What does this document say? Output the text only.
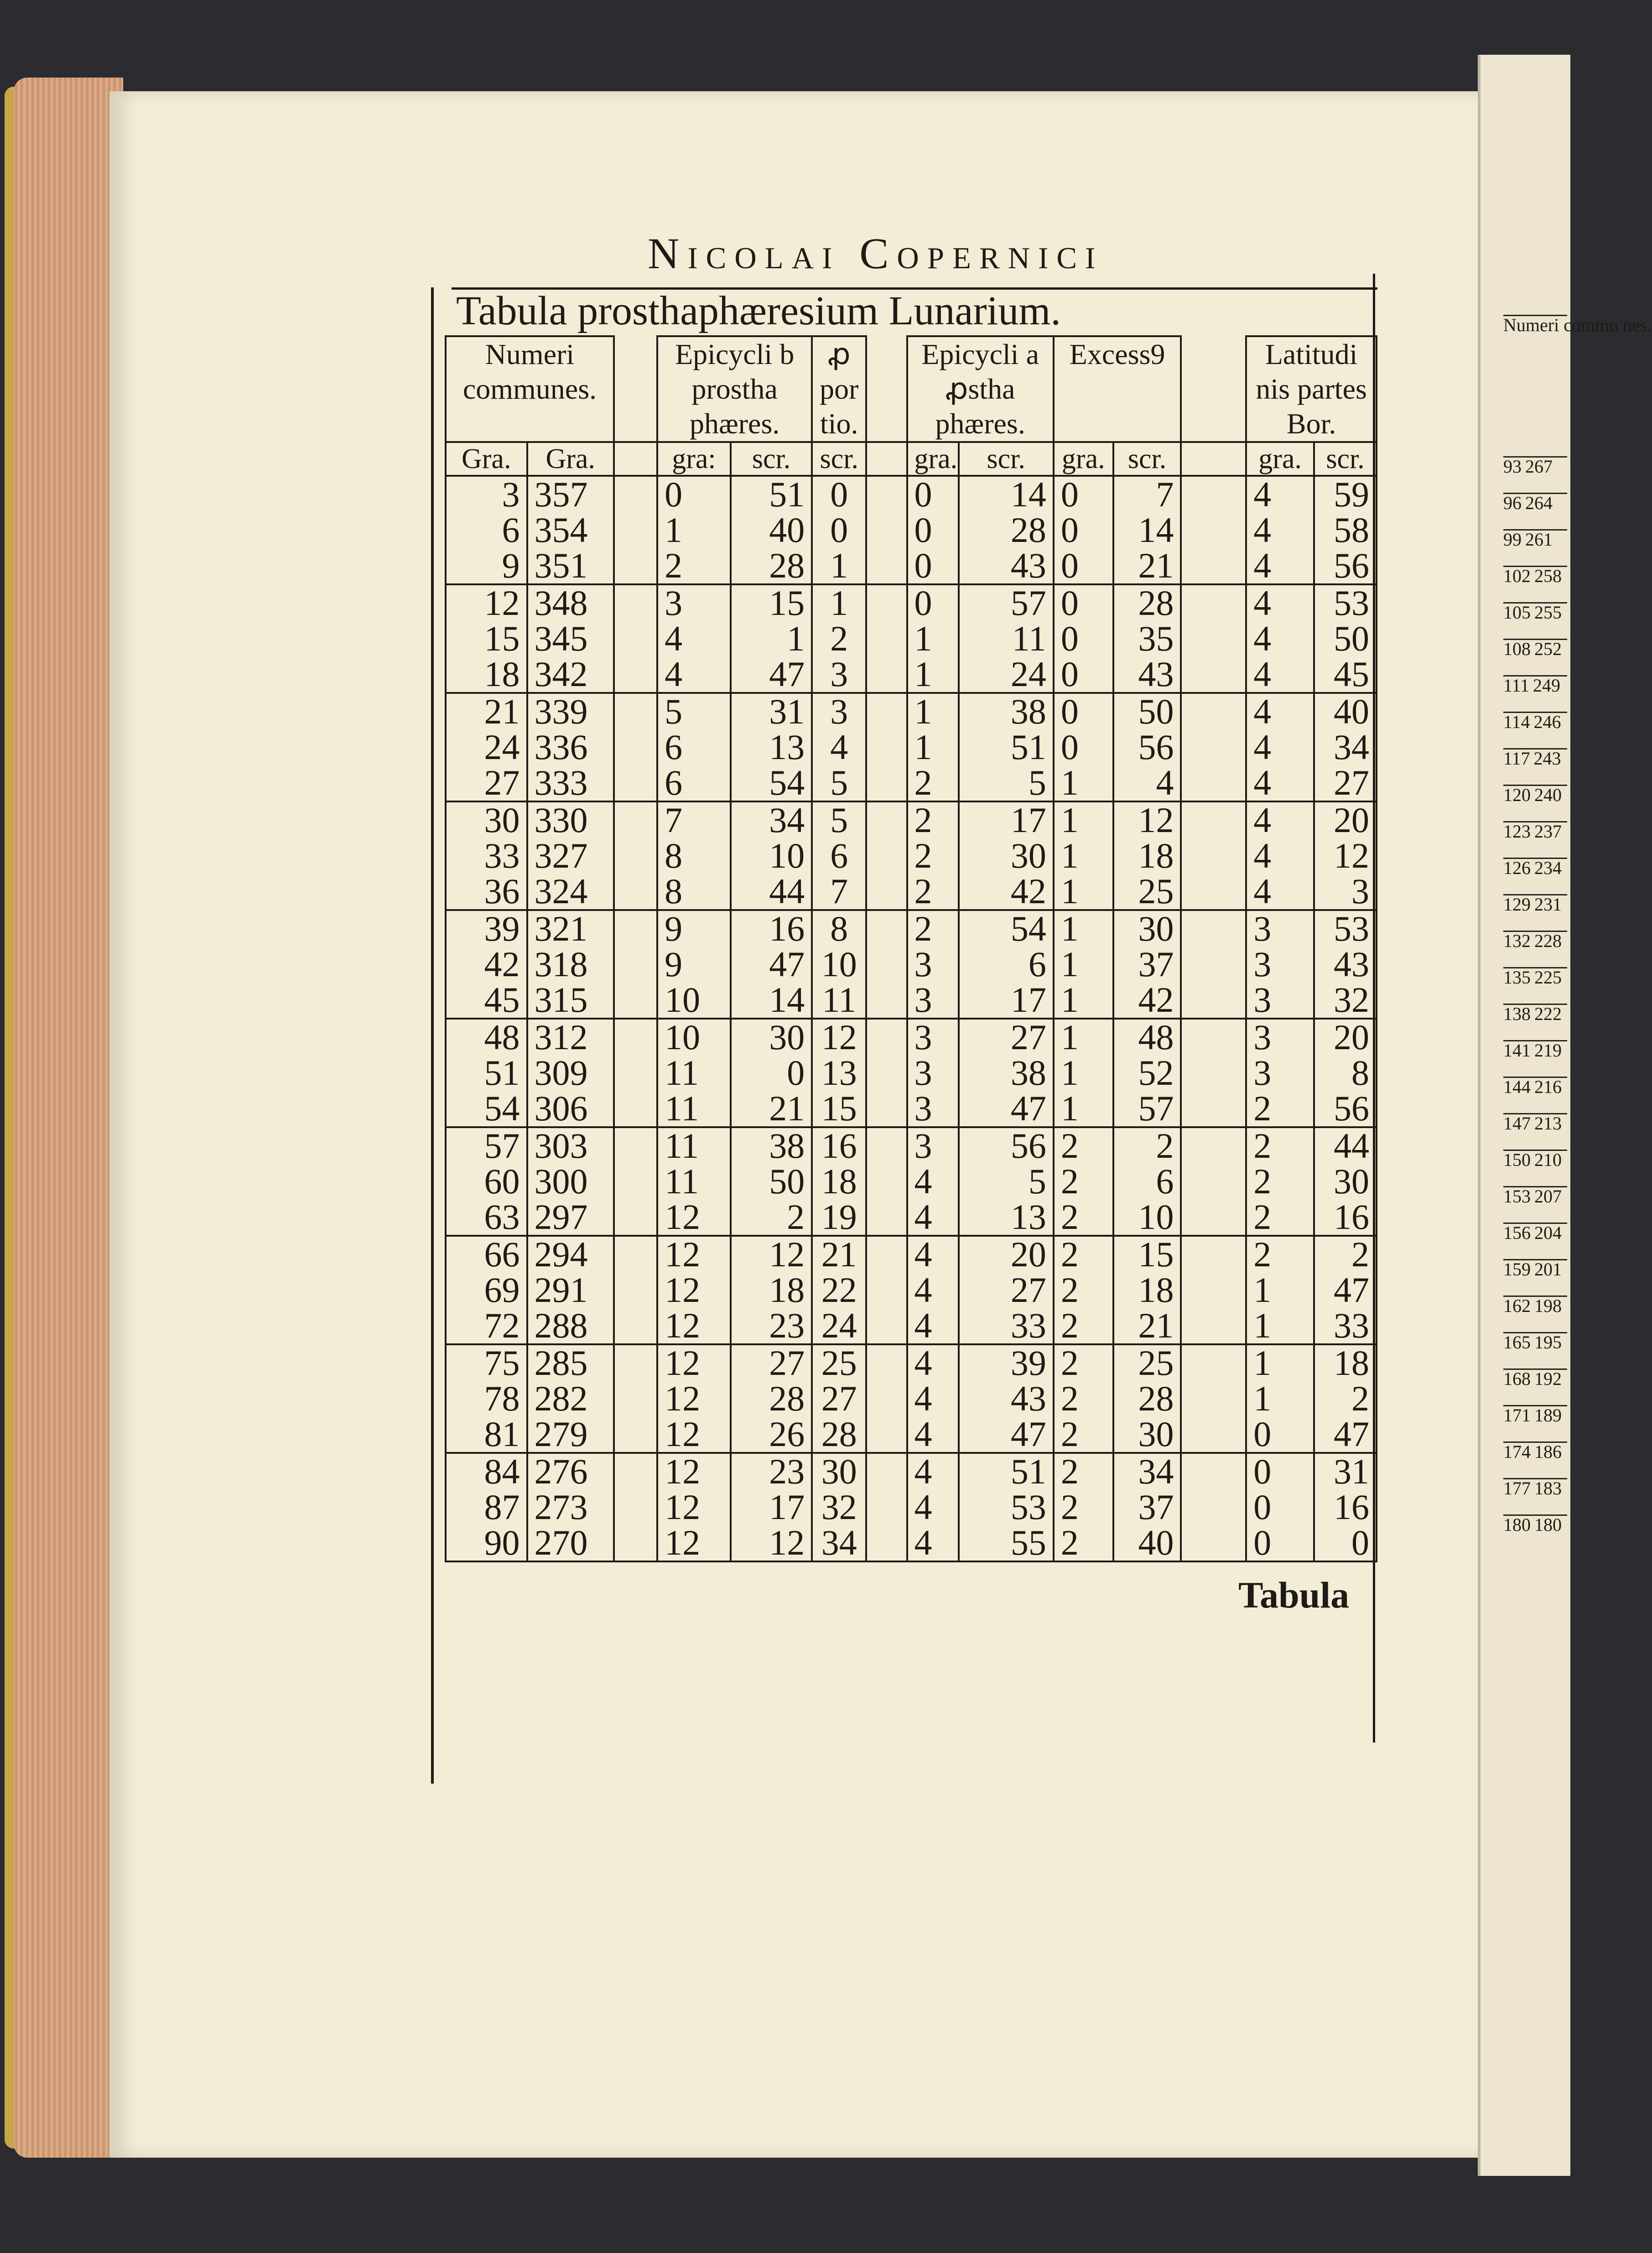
Numeri commu nes.
93 267
96 264
99 261
102 258
105 255
108 252
111 249
114 246
117 243
120 240
123 237
126 234
129 231
132 228
135 225
138 222
141 219
144 216
147 213
150 210
153 207
156 204
159 201
162 198
165 195
168 192
171 189
174 186
177 183
180 180
Nicolai Copernici
Tabula prosthaphæresium Lunarium.
Numeri communes.			Epicycli b prostha phæres.		ꝓ por tio.		Epicycli a ꝓstha phæres.		Excess9			Latitudi nis partes Bor.	
Gra.	Gra.		gra:	scr.	scr.		gra.	scr.	gra.	scr.		gra.	scr.
3	357		0	51	0		0	14	0	7		4	59
6	354		1	40	0		0	28	0	14		4	58
9	351		2	28	1		0	43	0	21		4	56
12	348		3	15	1		0	57	0	28		4	53
15	345		4	1	2		1	11	0	35		4	50
18	342		4	47	3		1	24	0	43		4	45
21	339		5	31	3		1	38	0	50		4	40
24	336		6	13	4		1	51	0	56		4	34
27	333		6	54	5		2	5	1	4		4	27
30	330		7	34	5		2	17	1	12		4	20
33	327		8	10	6		2	30	1	18		4	12
36	324		8	44	7		2	42	1	25		4	3
39	321		9	16	8		2	54	1	30		3	53
42	318		9	47	10		3	6	1	37		3	43
45	315		10	14	11		3	17	1	42		3	32
48	312		10	30	12		3	27	1	48		3	20
51	309		11	0	13		3	38	1	52		3	8
54	306		11	21	15		3	47	1	57		2	56
57	303		11	38	16		3	56	2	2		2	44
60	300		11	50	18		4	5	2	6		2	30
63	297		12	2	19		4	13	2	10		2	16
66	294		12	12	21		4	20	2	15		2	2
69	291		12	18	22		4	27	2	18		1	47
72	288		12	23	24		4	33	2	21		1	33
75	285		12	27	25		4	39	2	25		1	18
78	282		12	28	27		4	43	2	28		1	2
81	279		12	26	28		4	47	2	30		0	47
84	276		12	23	30		4	51	2	34		0	31
87	273		12	17	32		4	53	2	37		0	16
90	270		12	12	34		4	55	2	40		0	0
Tabula
